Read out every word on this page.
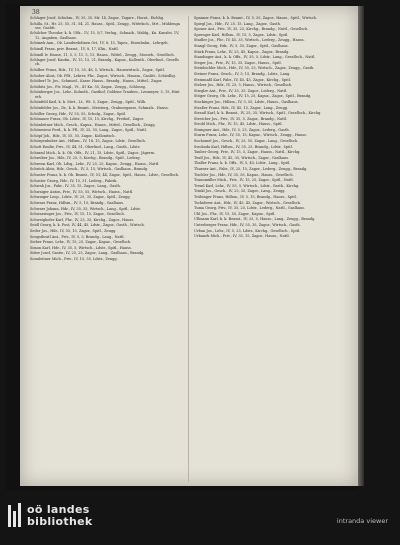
38

Schlager Josef, Schuhm., IV, 35, 35. Mr. 14, Zagor., Tagarz., Horat., Eichhg.

Schilla, St., Hr. 25, 55, 31, 54, 21, Hauss., Spitl., Zeugg., Wittelsch., Mrt., Mühlengasse, Gaslitt.

Schilcher Theodor, k. k. Uffz., 1V, 15, 5/7, Verlag., Schnaib., Waldg., Kn. Kanzlei, 1V, 12, Angaben, Gaslhaus.

Schimek Ann., Ob. Landwebdinen Ort, 1V, 8, 15, Tapez., Eisenbahn., Lehrgeb.

Schindl Franz, priv. Beamt., 1V, 8, 17, Klin., Nattl.

Schindl Iv. Hause, 11, 5, 5, 11, 5, 11, Hauss., Wittel., Zeugg., Mooseb., Gesellsch.

Schlager Josef, Kaufm., IV, 15, 15, 21, Brandg., Kapus., Kallenth., Oberlind., Gesellsch.

Schilber Franz, Hdr., 1V, 15, 35, 48, 5, Wirtsch., Hauswirtsch., Zagor., Spitl.

Schober Alois, Ob. Pflt., Lehrer, Fhr., Zagor., Wirtsch., Hausm., Gaslitt., Schiedbg.

Schöberl Tr. Jos., Schmied., Kassr. Hauss., Brandg., Hauss., Mittel., Zagor.

Schöbitz Jos., Fir. Magl., Vt., 41 Kn. 55, Zagor., Zeugg., Schlossg.

Schönberger Jos., Lehr., Kolnoth., Gasthof, Goldene Trauben., Lenmeyer, 5, 15, Hinterh.

Schönfeld Karl, k. k. Mwt., Lt., Wt. 5, Zagor., Zeugg., Spitl., Wilh.

Schönfelder Jos., Dr., k. k. Beamt., Meisterg., Grabnergasse, Schmalz., Hauss.

Schöller Georg, Hdr., IV, 55, 55, Schulg., Zagor., Spitl.

Schönauer Franz, Ob. Ldstr., IV, 15, 15, Kirchg., Freihof., Zagor.

Schönleitner Mich., Gesch., Kapuz., Hauss., Mittel., Gesellsch., Zeugg.

Schönwiese Ferd., k. k. Pfl., IV, 25, 55, Lang., Zagor., Spitl., Nattl.

Schöpf Joh., Hdr., IV, 55, 55, Zagor., Kollonitsch.

Schörgenhuber Ant., Hdlsm., IV, 18, 15, Zagor., Ldstr., Gesellsch.

Schott Emilie, Priv., IV, 44, 51, Oberlind., Lang., Gasth., Ldstr.

Schraml Mich., k. k. Ob. Offz., IV, 21, 15, Ldstr., Spitl., Zagor., Jägerm.

Schreiber Jos., Hdr., IV, 25, 5, Kirchg., Brandg., Spitl., Lederg.

Schrems Karl, Ob. Ldsg., Lehr., IV, 25, 25, Kapuz., Zeugg., Hauss., Nattl.

Schröck Alois, Hdr., Gesch., IV, 5, 15, Wirtsch., Gaslhaus., Brandg.

Schuster Franz, k. k. Ob. Beamt., IV, 51, 44, Zagor., Spitl., Hauss., Ldstr., Gesellsch.

Schuster Georg, Hdr., IV, 15, 31, Lederg., Fabrik.

Schwab Jos., Fabr., IV, 35, 15, Zagor., Lang., Gasth.

Schwaiger Anton, Priv., IV, 55, 55, Wirtsch., Hauss., Nattl.

Schwaiger Leop., Ldstr., IV, 25, 35, Zagor., Spitl., Zeugg.

Schwarz Franz, Hdlsm., IV, 5, 15, Brandg., Gaslhaus.

Schwarz Johann, Hdr., IV, 35, 35, Wirtsch., Lang., Spitl., Ldstr.

Schwarzinger Jos., Priv., IV, 15, 15, Zagor., Gesellsch.

Schweighofer Karl, Fhr., IV, 25, 35, Kirchg., Zagor., Hauss.

Seidl Georg, k. k. Post, IV, 44, 45, Ldstr., Zagor., Gasth., Wirtsch.

Seiler Jos., Hdr., IV, 55, 15, Zagor., Spitl., Zeugg.

Sengstbratl Ant., Priv., IV, 5, 5, Brandg., Lang., Nattl.

Sieber Franz, Lehr., IV, 15, 25, Zagor., Kapuz., Gesellsch.

Simon Karl, Hdr., IV, 35, 5, Wirtsch., Ldstr., Spitl., Hauss.

Sitter Josef, Gastw., IV, 25, 25, Zagor., Lang., Gaslhaus., Brandg.

Sonnleitner Mich., Priv., IV, 15, 55, Ldstr., Zeugg.

Spanner Franz, k. k. Beamt., IV, 5, 35, Zagor., Hauss., Spitl., Wirtsch.

Spiegl Jos., Hdr., IV, 25, 15, Lang., Zagor., Gasth.

Sponer Ant., Priv., IV, 35, 25, Kirchg., Brandg., Nattl., Gesellsch.

Sprenger Karl, Hdlsm., IV, 15, 5, Zagor., Ldstr., Spitl.

Stadler Jos., Fhr., IV, 45, 35, Wirtsch., Lederg., Zeugg., Hauss.

Stangl Georg, Hdr., IV, 5, 55, Zagor., Spitl., Gaslhaus.

Stärk Franz, Lehr., IV, 25, 45, Kapuz., Zagor., Brandg.

Staudinger Ant., k. k. Offz., IV, 35, 5, Ldstr., Lang., Gesellsch., Nattl.

Steger Jos., Priv., IV, 15, 35, Zagor., Hauss., Spitl.

Steinbichler Mich., Hdr., IV, 55, 25, Wirtsch., Zagor., Zeugg., Gasth.

Steiner Franz, Gesch., IV, 5, 15, Brandg., Ldstr., Lang.

Steinmaßl Karl, Fabr., IV, 45, 45, Zagor., Kirchg., Spitl.

Stelzer Jos., Hdr., IV, 25, 5, Hauss., Wirtsch., Gesellsch.

Stiegler Ant., Priv., IV, 35, 35, Zagor., Lederg., Nattl.

Stöger Georg, Ob. Lehr., IV, 15, 25, Kapuz., Zagor., Spitl., Brandg.

Stockinger Jos., Hdlsm., IV, 5, 55, Ldstr., Hauss., Gaslhaus.

Straßer Franz, Hdr., IV, 45, 15, Zagor., Lang., Zeugg.

Strauß Karl, k. k. Beamt., IV, 25, 35, Wirtsch., Spitl., Gesellsch., Kirchg.

Streicher Jos., Priv., IV, 35, 5, Zagor., Brandg., Nattl.

Strobl Mich., Fhr., IV, 15, 45, Ldstr., Hauss., Spitl.

Stumpner Ant., Hdr., IV, 5, 25, Zagor., Lederg., Gasth.

Sturm Franz, Lehr., IV, 55, 15, Kapuz., Wirtsch., Zeugg., Hauss.

Suchomel Jos., Gesch., IV, 25, 55, Zagor., Lang., Gesellsch.

Swoboda Karl, Hdlsm., IV, 35, 25, Brandg., Ldstr., Spitl.

Tauber Georg, Priv., IV, 15, 5, Zagor., Hauss., Nattl., Kirchg.

Teufl Jos., Hdr., IV, 45, 35, Wirtsch., Zagor., Gaslhaus.

Thaller Franz, k. k. Offz., IV, 5, 45, Ldstr., Lang., Spitl.

Thurner Ant., Fabr., IV, 25, 15, Zagor., Lederg., Zeugg., Brandg.

Tischler Jos., Hdr., IV, 35, 55, Kapuz., Hauss., Gesellsch.

Traunmüller Mich., Priv., IV, 15, 25, Zagor., Spitl., Nattl.

Treml Karl, Lehr., IV, 55, 5, Wirtsch., Ldstr., Gasth., Kirchg.

Trinkl Jos., Gesch., IV, 25, 35, Zagor., Lang., Zeugg.

Tröbinger Franz, Hdlsm., IV, 5, 15, Brandg., Hauss., Spitl.

Tschiderer Ant., Hdr., IV, 45, 45, Zagor., Wirtsch., Gesellsch.

Tuma Georg, Priv., IV, 35, 25, Ldstr., Lederg., Nattl., Gaslhaus.

Uhl Jos., Fhr., IV, 15, 55, Zagor., Kapuz., Spitl.

Ullmann Karl, k. k. Beamt., IV, 25, 5, Hauss., Lang., Zeugg., Brandg.

Unterberger Franz, Hdr., IV, 55, 35, Zagor., Wirtsch., Gasth.

Urban Jos., Lehr., IV, 5, 25, Ldstr., Kirchg., Gesellsch., Spitl.

Urbanek Mich., Priv., IV, 35, 15, Zagor., Hauss., Nattl.

oö landes
bibliothek	intranda viewer
